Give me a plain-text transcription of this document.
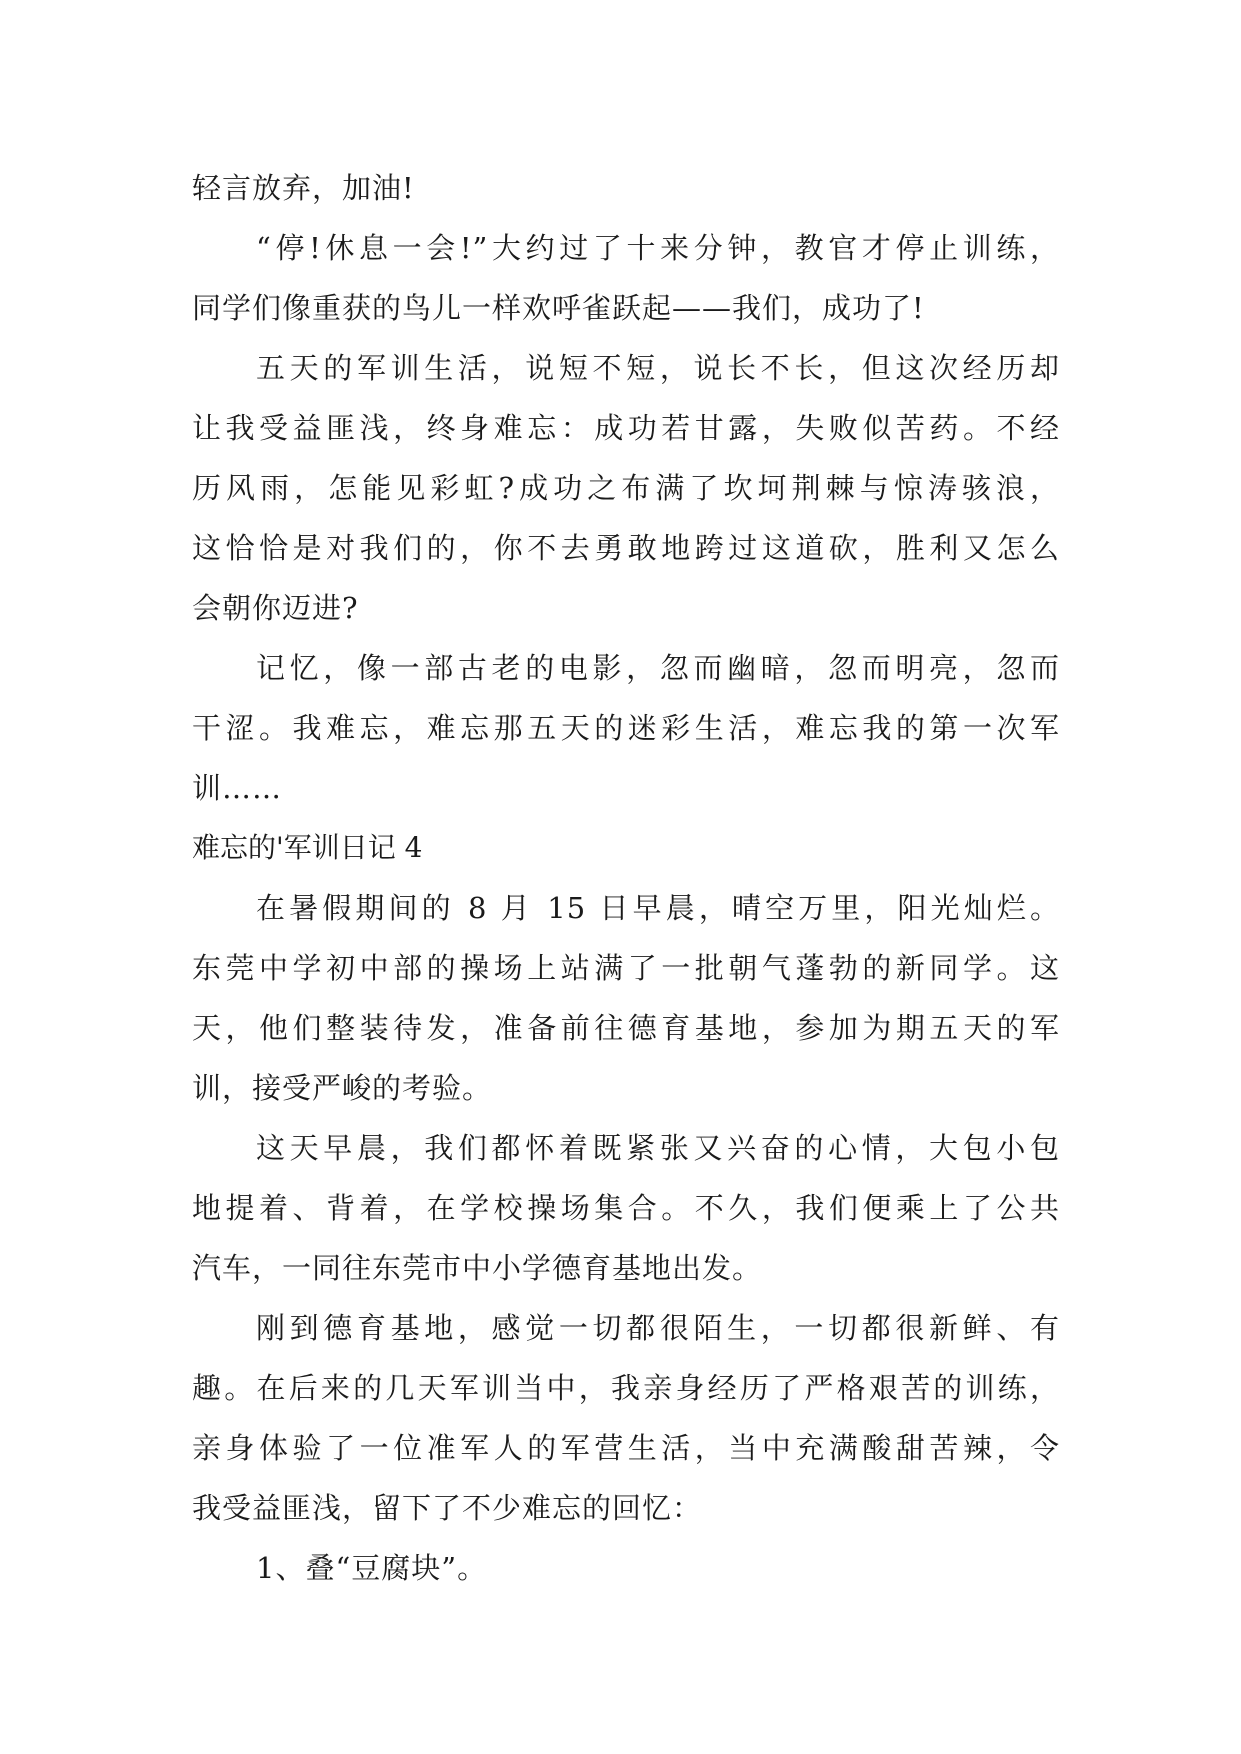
轻言放弃，加油!
“停!休息一会!”大约过了十来分钟，教官才停止训练，
同学们像重获的鸟儿一样欢呼雀跃起——我们，成功了!
五天的军训生活，说短不短，说长不长，但这次经历却
让我受益匪浅，终身难忘：成功若甘露，失败似苦药。不经
历风雨，怎能见彩虹?成功之布满了坎坷荆棘与惊涛骇浪，
这恰恰是对我们的，你不去勇敢地跨过这道砍，胜利又怎么
会朝你迈进?
记忆，像一部古老的电影，忽而幽暗，忽而明亮，忽而
干涩。我难忘，难忘那五天的迷彩生活，难忘我的第一次军
训……
难忘的'军训日记 4
在暑假期间的 8 月 15 日早晨，晴空万里，阳光灿烂。
东莞中学初中部的操场上站满了一批朝气蓬勃的新同学。这
天，他们整装待发，准备前往德育基地，参加为期五天的军
训，接受严峻的考验。
这天早晨，我们都怀着既紧张又兴奋的心情，大包小包
地提着、背着，在学校操场集合。不久，我们便乘上了公共
汽车，一同往东莞市中小学德育基地出发。
刚到德育基地，感觉一切都很陌生，一切都很新鲜、有
趣。在后来的几天军训当中，我亲身经历了严格艰苦的训练，
亲身体验了一位准军人的军营生活，当中充满酸甜苦辣，令
我受益匪浅，留下了不少难忘的回忆：
1、叠“豆腐块”。
